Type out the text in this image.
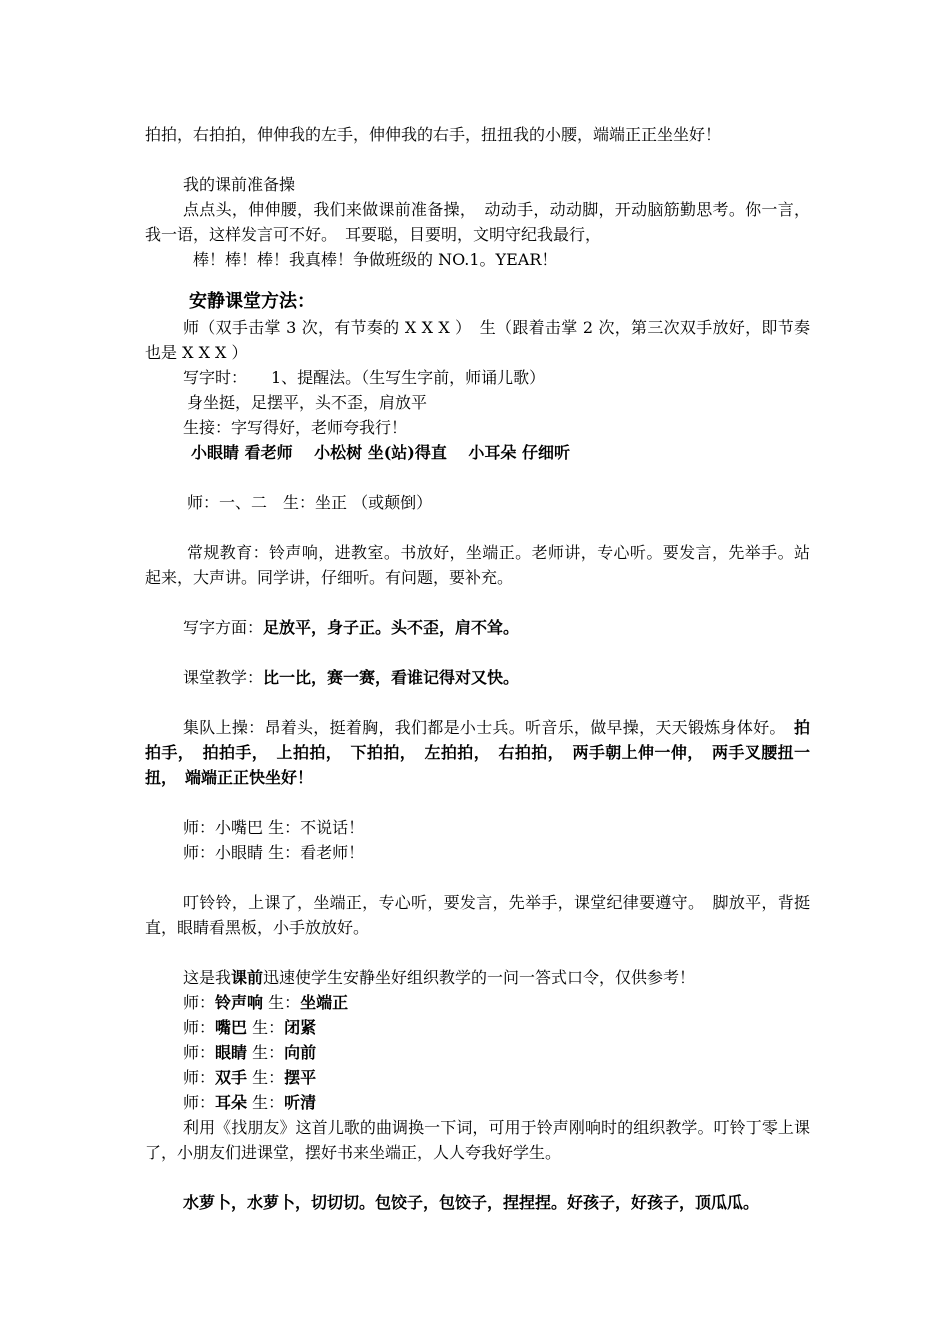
拍拍，右拍拍，伸伸我的左手，伸伸我的右手，扭扭我的小腰，端端正正坐坐好！

我的课前准备操

点点头，伸伸腰，我们来做课前准备操，　动动手，动动脚，开动脑筋勤思考。你一言，我一语，这样发言可不好。　耳要聪，目要明，文明守纪我最行，

棒！棒！棒！我真棒！争做班级的 NO.1。YEAR！

安静课堂方法：

师（双手击掌 3 次，有节奏的 X X X ）　生（跟着击掌 2 次，第三次双手放好，即节奏也是 X X X ）

写字时：　　1、提醒法。（生写生字前，师诵儿歌）

身坐挺，足摆平，头不歪，肩放平

生接：字写得好，老师夸我行！

小眼睛 看老师　 小松树 坐(站)得直　 小耳朵 仔细听

师：一、二　生：坐正 （或颠倒）

常规教育：铃声响，进教室。书放好，坐端正。老师讲，专心听。要发言，先举手。站起来，大声讲。同学讲，仔细听。有问题，要补充。

写字方面：足放平，身子正。头不歪，肩不耸。

课堂教学：比一比，赛一赛，看谁记得对又快。

集队上操：昂着头，挺着胸，我们都是小士兵。听音乐，做早操，天天锻炼身体好。　拍拍手，　拍拍手，　上拍拍，　下拍拍，　左拍拍，　右拍拍，　两手朝上伸一伸，　两手叉腰扭一扭，　端端正正快坐好！

师：小嘴巴 生：不说话！

师：小眼睛 生：看老师！

叮铃铃，上课了，坐端正，专心听，要发言，先举手，课堂纪律要遵守。　脚放平，背挺直，眼睛看黑板，小手放放好。

这是我课前迅速使学生安静坐好组织教学的一问一答式口令，仅供参考！

师：铃声响 生：坐端正

师：嘴巴 生：闭紧

师：眼睛 生：向前

师：双手 生：摆平

师：耳朵 生：听清

利用《找朋友》这首儿歌的曲调换一下词，可用于铃声刚响时的组织教学。叮铃丁零上课了，小朋友们进课堂，摆好书来坐端正，人人夸我好学生。

水萝卜，水萝卜，切切切。包饺子，包饺子，捏捏捏。好孩子，好孩子，顶瓜瓜。
